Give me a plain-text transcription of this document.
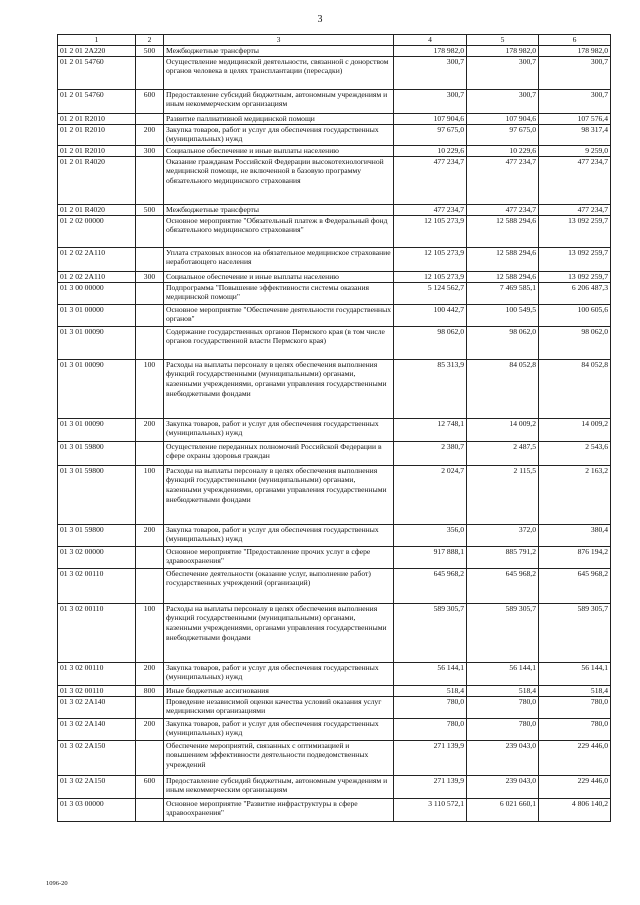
3
1	2	3	4	5	6
01 2 01 2А220	500	Межбюджетные трансферты	178 982,0	178 982,0	178 982,0
01 2 01 54760		Осуществление медицинской деятельности, связанной с донорством органов человека в целях трансплантации (пересадки)	300,7	300,7	300,7
01 2 01 54760	600	Предоставление субсидий бюджетным, автономным учреждениям и иным некоммерческим организациям	300,7	300,7	300,7
01 2 01 R2010		Развитие паллиативной медицинской помощи	107 904,6	107 904,6	107 576,4
01 2 01 R2010	200	Закупка товаров, работ и услуг для обеспечения государственных (муниципальных) нужд	97 675,0	97 675,0	98 317,4
01 2 01 R2010	300	Социальное обеспечение и иные выплаты населению	10 229,6	10 229,6	9 259,0
01 2 01 R4020		Оказание гражданам Российской Федерации высокотехнологичной медицинской помощи, не включенной в базовую программу обязательного медицинского страхования	477 234,7	477 234,7	477 234,7
01 2 01 R4020	500	Межбюджетные трансферты	477 234,7	477 234,7	477 234,7
01 2 02 00000		Основное мероприятие "Обязательный платеж в Федеральный фонд обязательного медицинского страхования"	12 105 273,9	12 588 294,6	13 092 259,7
01 2 02 2А110		Уплата страховых взносов на обязательное медицинское страхование неработающего населения	12 105 273,9	12 588 294,6	13 092 259,7
01 2 02 2А110	300	Социальное обеспечение и иные выплаты населению	12 105 273,9	12 588 294,6	13 092 259,7
01 3 00 00000		Подпрограмма "Повышение эффективности системы оказания медицинской помощи"	5 124 562,7	7 469 585,1	6 206 487,3
01 3 01 00000		Основное мероприятие "Обеспечение деятельности государственных органов"	100 442,7	100 549,5	100 605,6
01 3 01 00090		Содержание государственных органов Пермского края (в том числе органов государственной власти Пермского края)	98 062,0	98 062,0	98 062,0
01 3 01 00090	100	Расходы на выплаты персоналу в целях обеспечения выполнения функций государственными (муниципальными) органами, казенными учреждениями, органами управления государственными внебюджетными фондами	85 313,9	84 052,8	84 052,8
01 3 01 00090	200	Закупка товаров, работ и услуг для обеспечения государственных (муниципальных) нужд	12 748,1	14 009,2	14 009,2
01 3 01 59800		Осуществление переданных полномочий Российской Федерации в сфере охраны здоровья граждан	2 380,7	2 487,5	2 543,6
01 3 01 59800	100	Расходы на выплаты персоналу в целях обеспечения выполнения функций государственными (муниципальными) органами, казенными учреждениями, органами управления государственными внебюджетными фондами	2 024,7	2 115,5	2 163,2
01 3 01 59800	200	Закупка товаров, работ и услуг для обеспечения государственных (муниципальных) нужд	356,0	372,0	380,4
01 3 02 00000		Основное мероприятие "Предоставление прочих услуг в сфере здравоохранения"	917 888,1	885 791,2	876 194,2
01 3 02 00110		Обеспечение деятельности (оказание услуг, выполнение работ) государственных учреждений (организаций)	645 968,2	645 968,2	645 968,2
01 3 02 00110	100	Расходы на выплаты персоналу в целях обеспечения выполнения функций государственными (муниципальными) органами, казенными учреждениями, органами управления государственными внебюджетными фондами	589 305,7	589 305,7	589 305,7
01 3 02 00110	200	Закупка товаров, работ и услуг для обеспечения государственных (муниципальных) нужд	56 144,1	56 144,1	56 144,1
01 3 02 00110	800	Иные бюджетные ассигнования	518,4	518,4	518,4
01 3 02 2А140		Проведение независимой оценки качества условий оказания услуг медицинскими организациями	780,0	780,0	780,0
01 3 02 2А140	200	Закупка товаров, работ и услуг для обеспечения государственных (муниципальных) нужд	780,0	780,0	780,0
01 3 02 2А150		Обеспечение мероприятий, связанных с оптимизацией и повышением эффективности деятельности подведомственных учреждений	271 139,9	239 043,0	229 446,0
01 3 02 2А150	600	Предоставление субсидий бюджетным, автономным учреждениям и иным некоммерческим организациям	271 139,9	239 043,0	229 446,0
01 3 03 00000		Основное мероприятие "Развитие инфраструктуры в сфере здравоохранения"	3 110 572,1	6 021 660,1	4 806 140,2
1096-20
